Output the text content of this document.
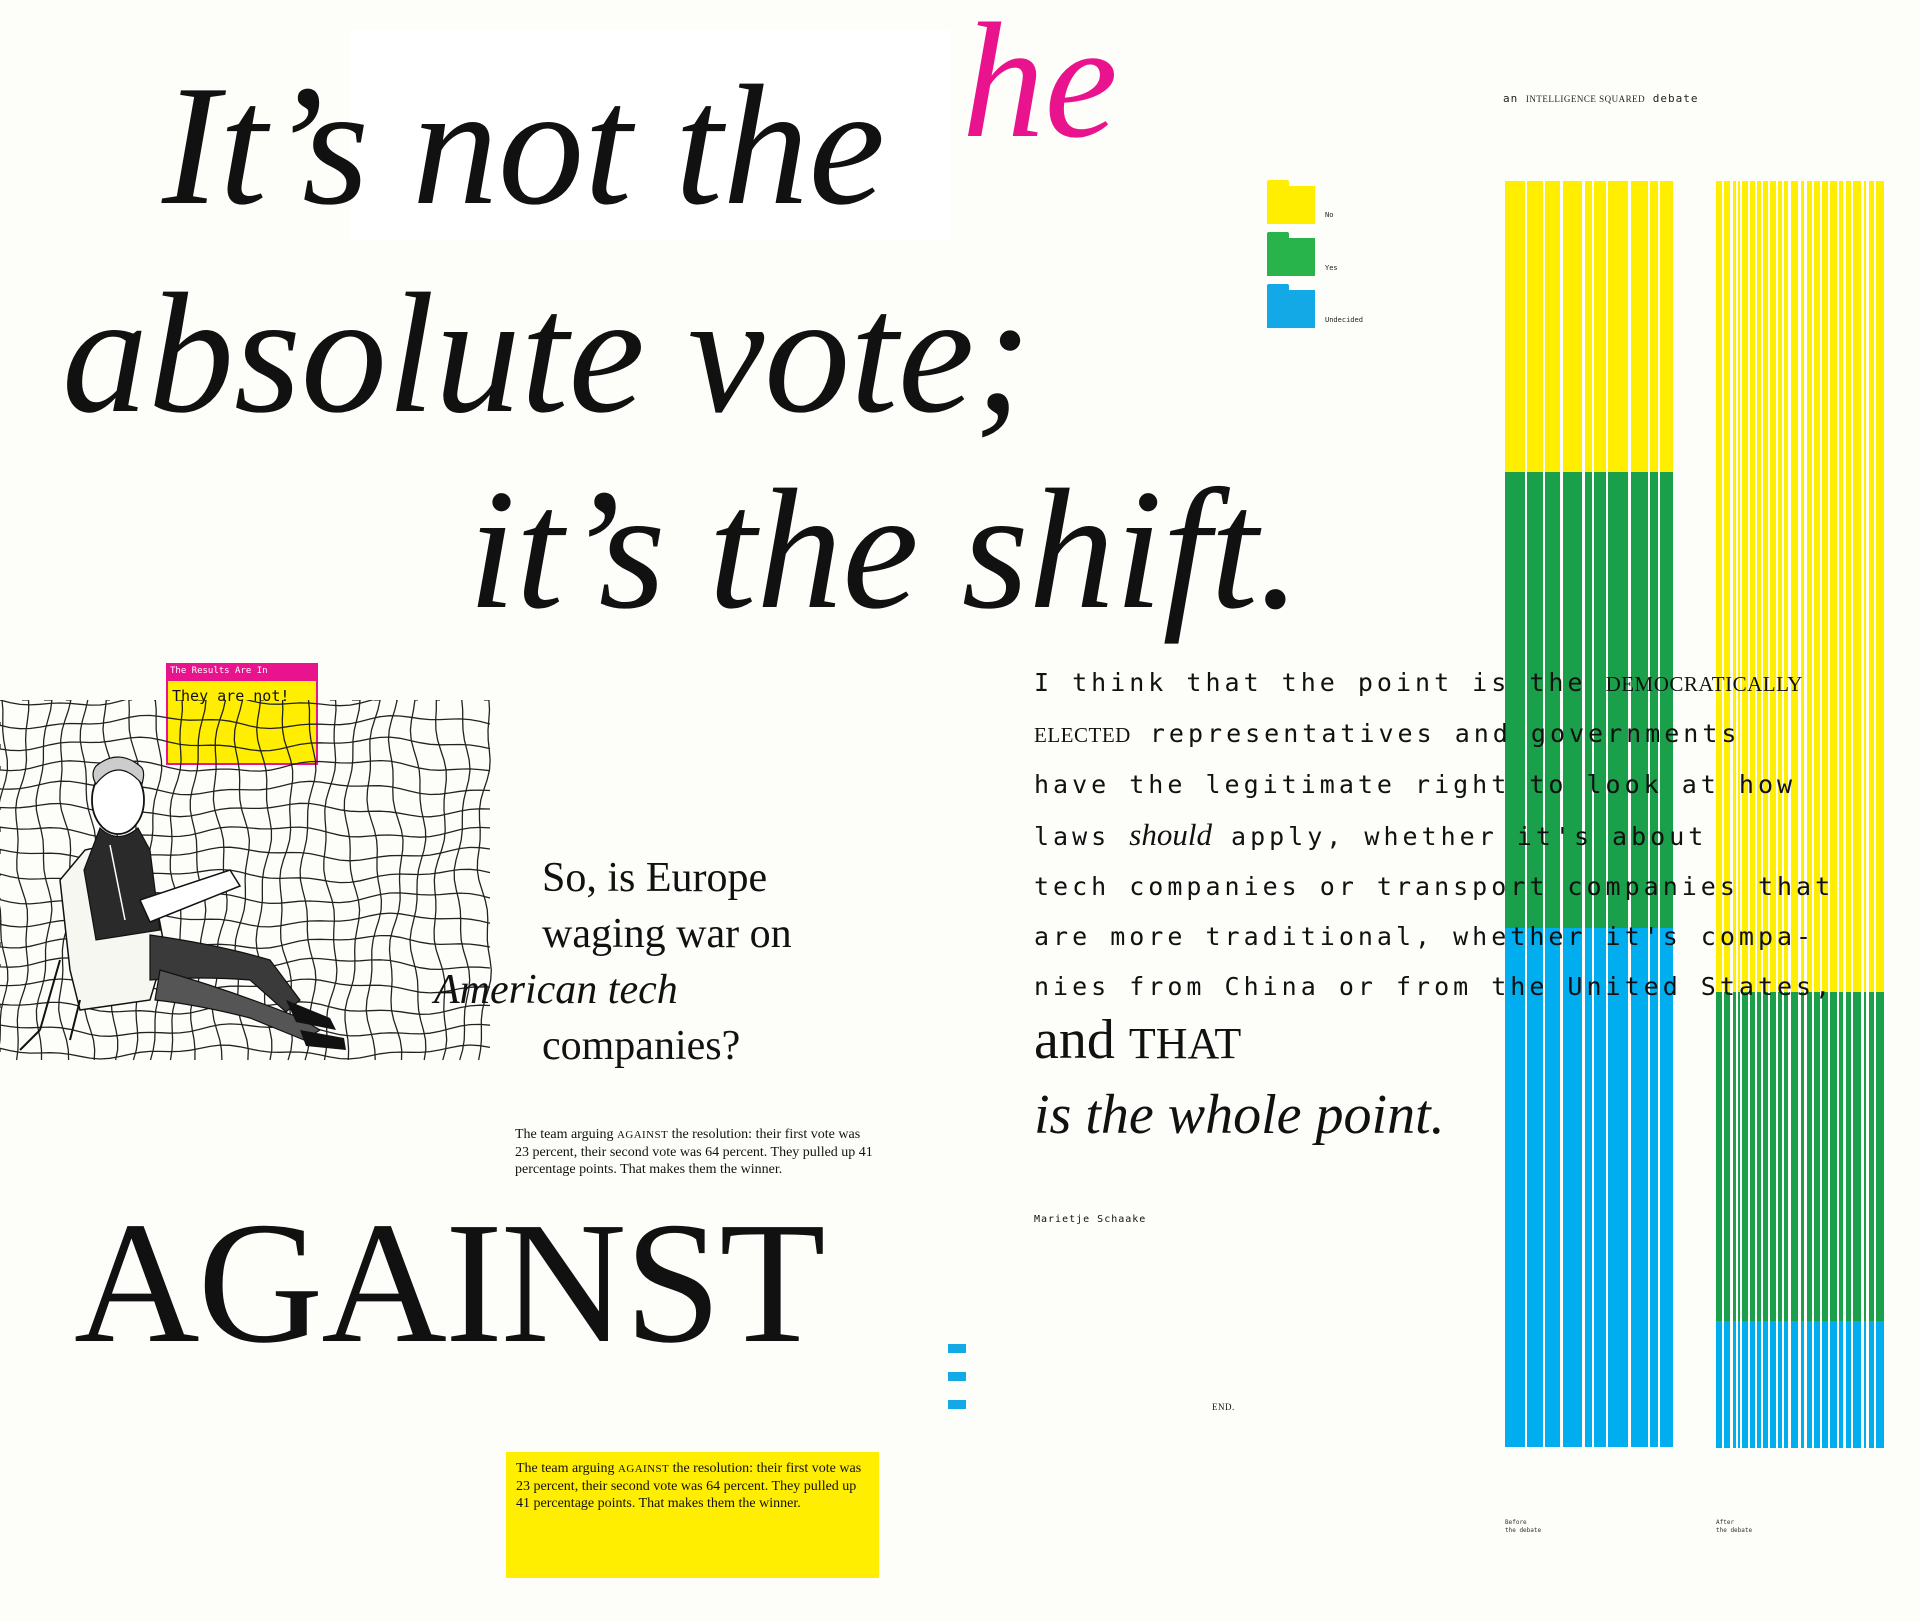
he
It’s not the
absolute vote;
it’s the shift.
an INTELLIGENCE SQUARED debate
No
Yes
Undecided
Before
the debate
After
the debate
The Results Are In
They are not!
So, is Europe
waging war on
American tech
companies?
The team arguing AGAINST the resolution: their first vote was 23 percent, their second vote was 64 percent. They pulled up 41 percentage points. That makes them the winner.
AGAINST
The team arguing AGAINST the resolution: their first vote was 23 percent, their second vote was 64 percent. They pulled up 41 percentage points. That makes them the winner.
I think that the point is the DEMOCRATICALLY
ELECTED representatives and governments
have the legitimate right to look at how
laws should apply, whether it's about
tech companies or transport companies that
are more traditional, whether it's compa-
nies from China or from the United States,
and THAT
is the whole point.
Marietje Schaake
END.
